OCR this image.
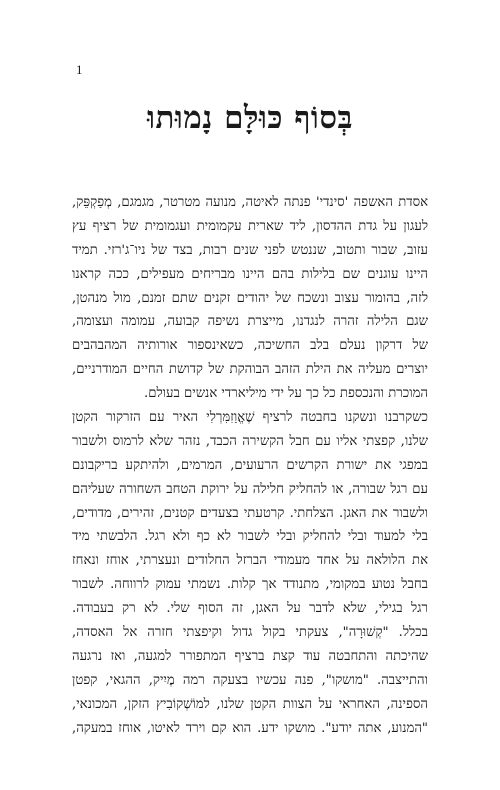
1
בְּסוֹף כּוּלָּם נָמוּתוּ
אסדת האשפה 'סינדי' פנתה לאיטה, מנועה מטרטר, מגמגם, מְפַקְפֵּק,
לעגון על גדת ההדסון, ליד שארית עקמומית ועגמומית של רציף עץ
עזוב, שבור ותטוב, שננטש לפני שנים רבות, בצד של ניו־ג'רזי. תמיד
היינו עוגנים שם בלילות בהם היינו מבריחים מעפילים, ככה קראנו
לזה, בהומור עצוב ונשכח של יהודים זקנים שתם זמנם, מול מנהטן,
שגם הלילה זהרה לנגדנו, מייצרת נשיפה קבועה, עמומה ועצומה,
של דרקון נעלם בלב החשיכה, כשאינספור אורותיה המהבהבים
יוצרים מעליה את הילת הזהב הבוהקת של קדושת החיים המודרניים,
המוכרת והנכספת כל כך על ידי מיליארדי אנשים בעולם.
כשקרבנו ונשקנו בחבטה לרציף שֶׁאֱוַזִמִּרְלִי האיר עם הזרקור הקטן
שלנו, קפצתי אליו עם חבל הקשירה הכבד, נזהר שלא לרמוס ולשבור
במפגי את ישורת הקרשים הרעועים, המרמים, ולהיתקע בריקבונם
עם רגל שבורה, או להחליק חלילה על ירוקת הטחב השחורה שעליהם
ולשבור את האגן. הצלחתי. קרטעתי בצעדים קטנים, זהירים, מדודים,
בלי למעוד ובלי להחליק ובלי לשבור לא כף ולא רגל. הלבשתי מיד
את הלולאה על אחד מעמודי הברזל החלודים ונעצרתי, אוחז ונאחז
בחבל נטוע במקומי, מתנודד אך קלות. נשמתי עמוק לרווחה. לשבור
רגל בגילי, שלא לדבר על האגן, זה הסוף שלי. לא רק בעבודה.
בכלל. "קְשׁוּרָה", צעקתי בקול גדול וקיפצתי חזרה אל האסדה,
שהיכתה והתחבטה עוד קצת ברציף המתפורר למגעה, ואז נרגעה
והתייצבה. "מושקו", פנה עכשיו בצעקה רמה מֶיִיק, ההגאי, קפטן
הספינה, האחראי על הצוות הקטן שלנו, למוֹשְׁקוֹבִיץ הזקן, המכונאי,
"המנוע, אתה יודע". מושקו ידע. הוא קם וירד לאיטו, אוחז במעקה,
